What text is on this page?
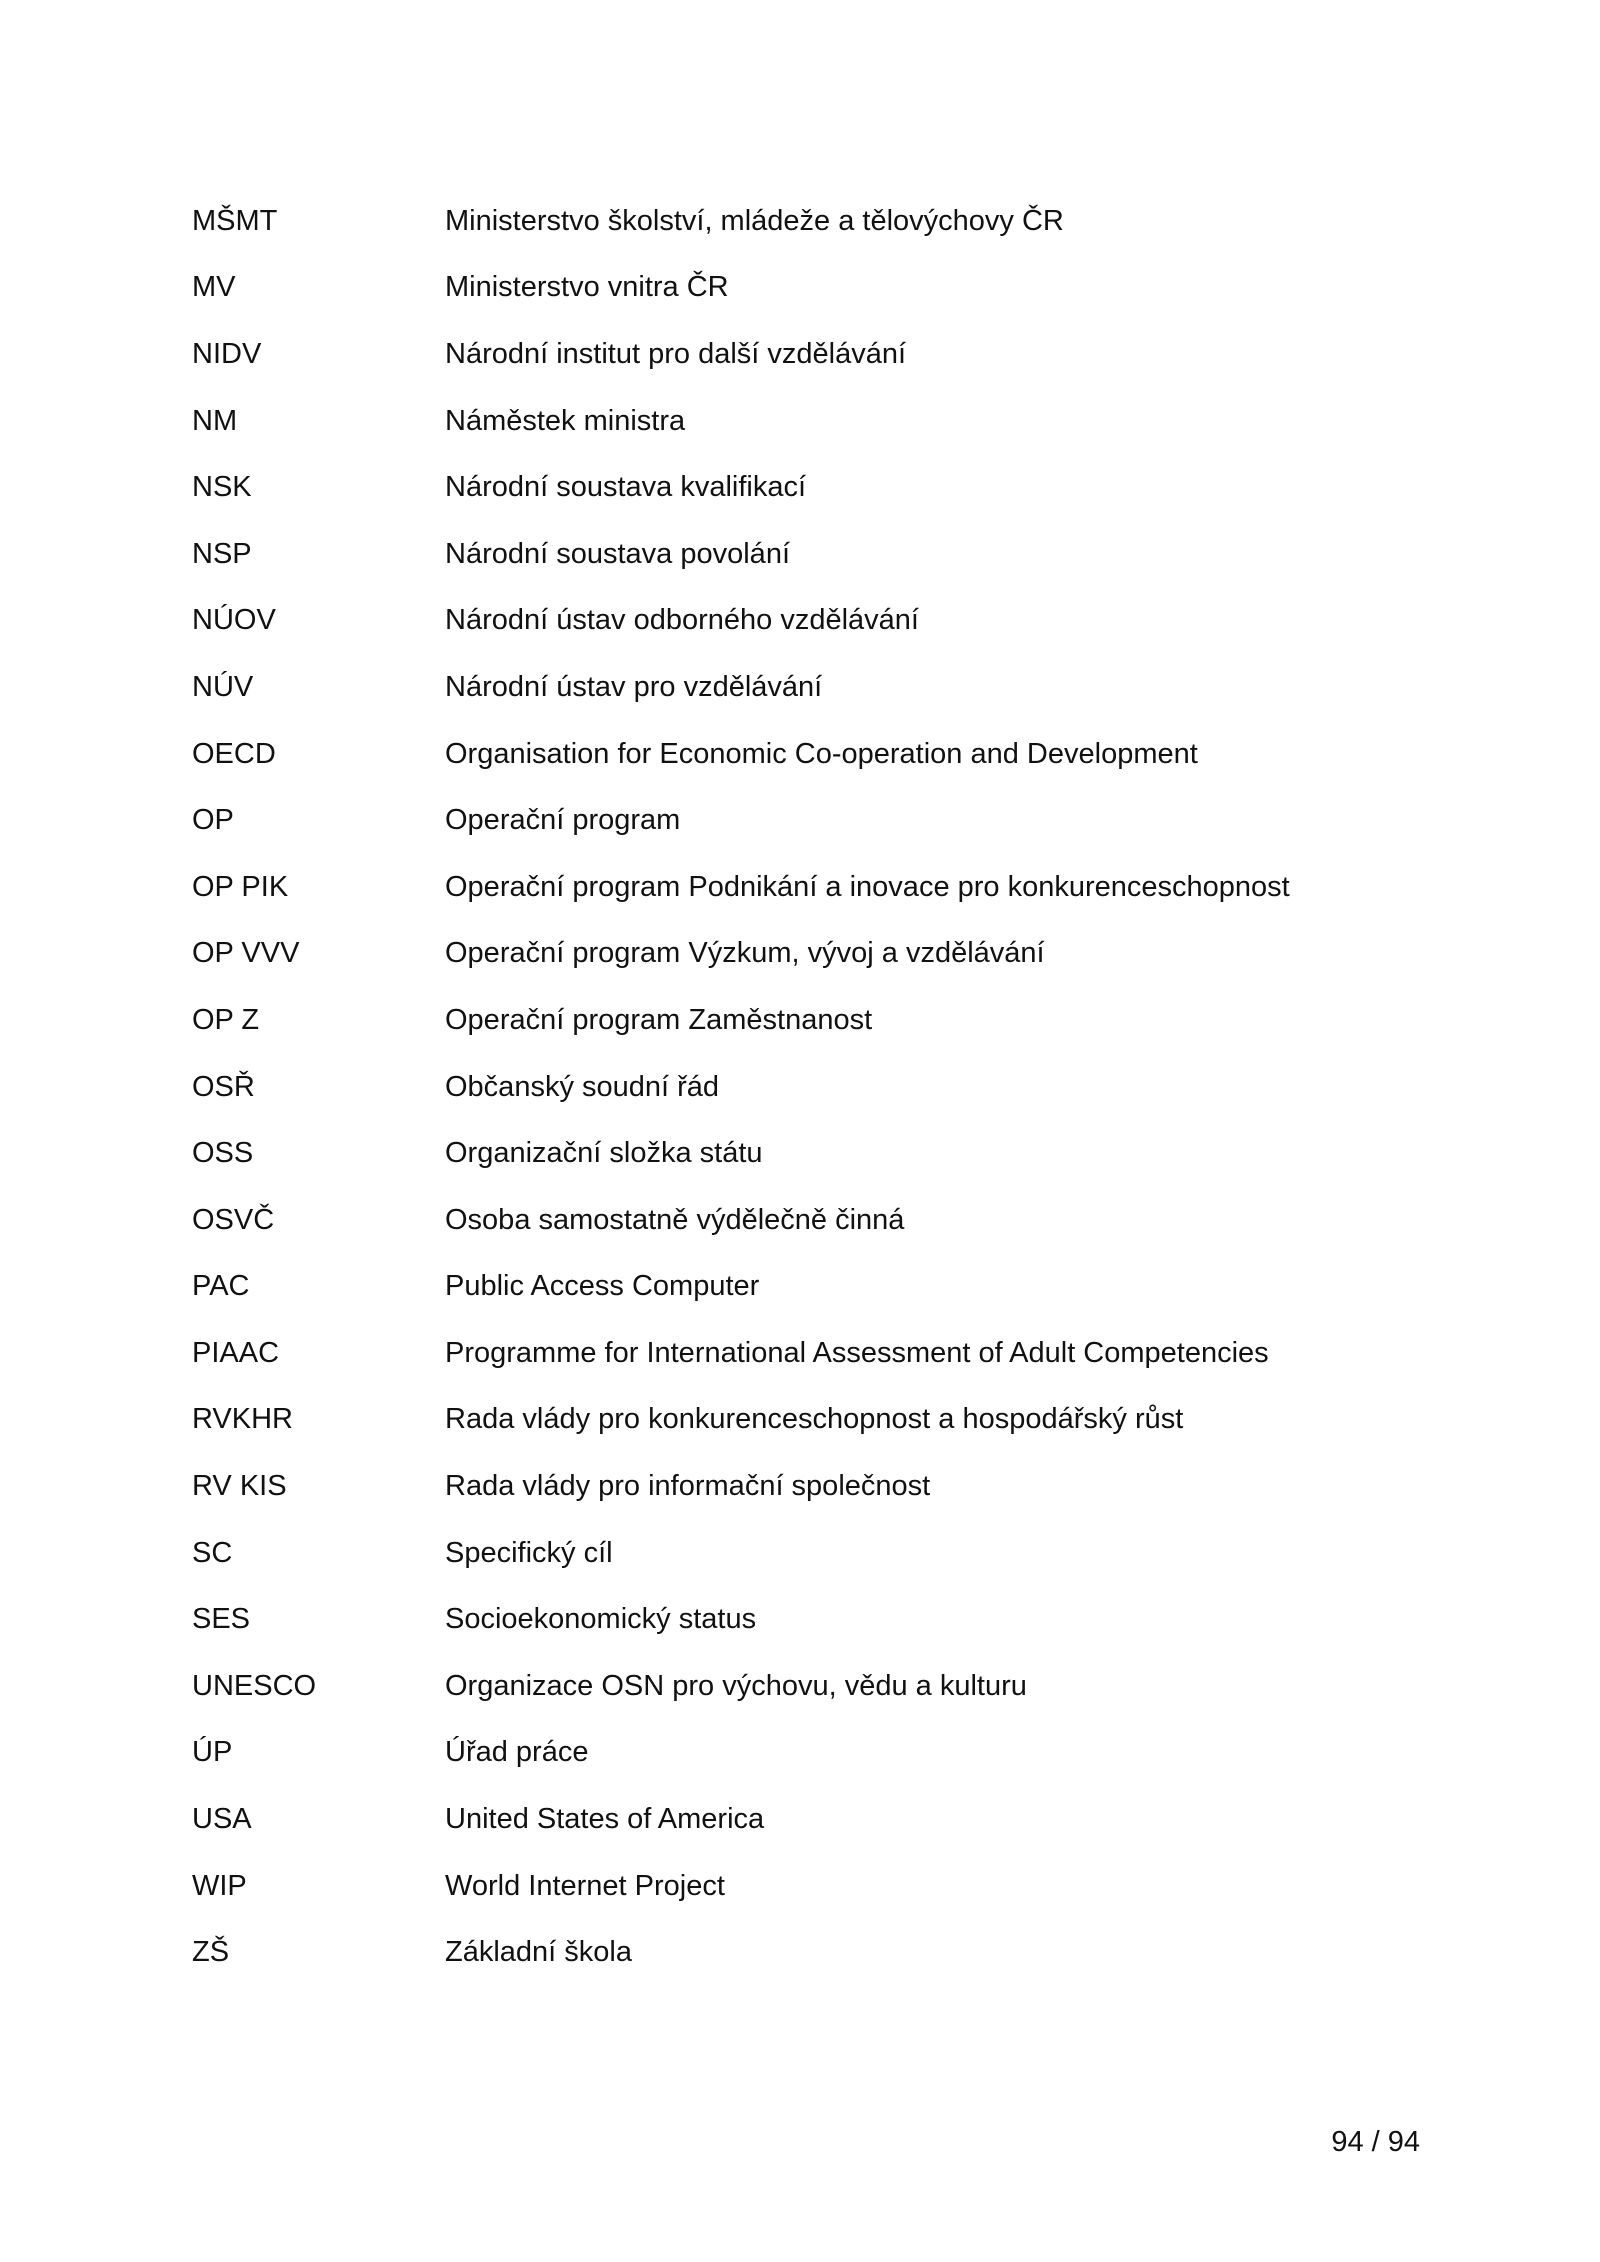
MŠMT	Ministerstvo školství, mládeže a tělovýchovy ČR
MV	Ministerstvo vnitra ČR
NIDV	Národní institut pro další vzdělávání
NM	Náměstek ministra
NSK	Národní soustava kvalifikací
NSP	Národní soustava povolání
NÚOV	Národní ústav odborného vzdělávání
NÚV	Národní ústav pro vzdělávání
OECD	Organisation for Economic Co-operation and Development
OP	Operační program
OP PIK	Operační program Podnikání a inovace pro konkurenceschopnost
OP VVV	Operační program Výzkum, vývoj a vzdělávání
OP Z	Operační program Zaměstnanost
OSŘ	Občanský soudní řád
OSS	Organizační složka státu
OSVČ	Osoba samostatně výdělečně činná
PAC	Public Access Computer
PIAAC	Programme for International Assessment of Adult Competencies
RVKHR	Rada vlády pro konkurenceschopnost a hospodářský růst
RV KIS	Rada vlády pro informační společnost
SC	Specifický cíl
SES	Socioekonomický status
UNESCO	Organizace OSN pro výchovu, vědu a kulturu
ÚP	Úřad práce
USA	United States of America
WIP	World Internet Project
ZŠ	Základní škola
94 / 94
